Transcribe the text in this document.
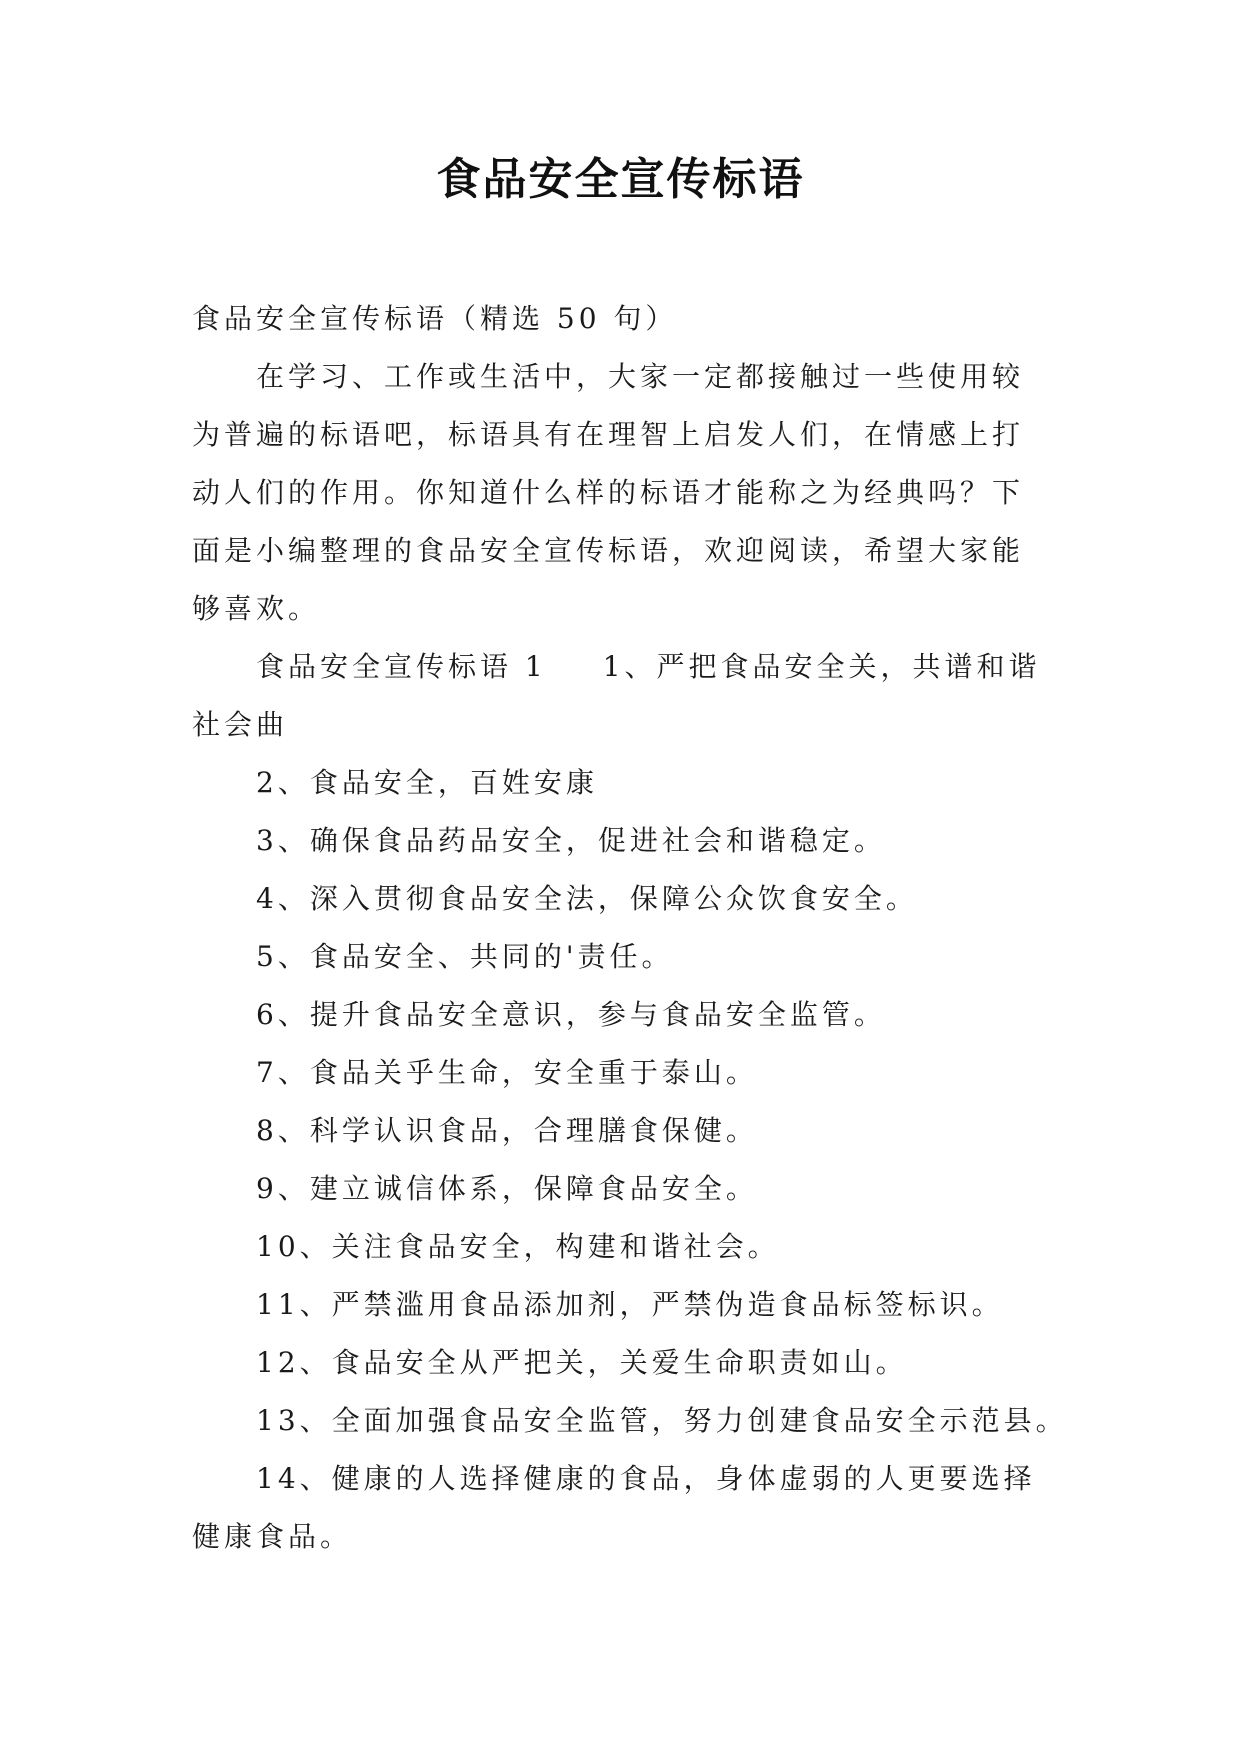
食品安全宣传标语

食品安全宣传标语（精选 50 句）

在学习、工作或生活中，大家一定都接触过一些使用较为普遍的标语吧，标语具有在理智上启发人们，在情感上打动人们的作用。你知道什么样的标语才能称之为经典吗？下面是小编整理的食品安全宣传标语，欢迎阅读，希望大家能够喜欢。

食品安全宣传标语 1 1、严把食品安全关，共谱和谐社会曲

2、食品安全，百姓安康

3、确保食品药品安全，促进社会和谐稳定。

4、深入贯彻食品安全法，保障公众饮食安全。

5、食品安全、共同的'责任。

6、提升食品安全意识，参与食品安全监管。

7、食品关乎生命，安全重于泰山。

8、科学认识食品，合理膳食保健。

9、建立诚信体系，保障食品安全。

10、关注食品安全，构建和谐社会。

11、严禁滥用食品添加剂，严禁伪造食品标签标识。

12、食品安全从严把关，关爱生命职责如山。

13、全面加强食品安全监管，努力创建食品安全示范县。

14、健康的人选择健康的食品，身体虚弱的人更要选择健康食品。
